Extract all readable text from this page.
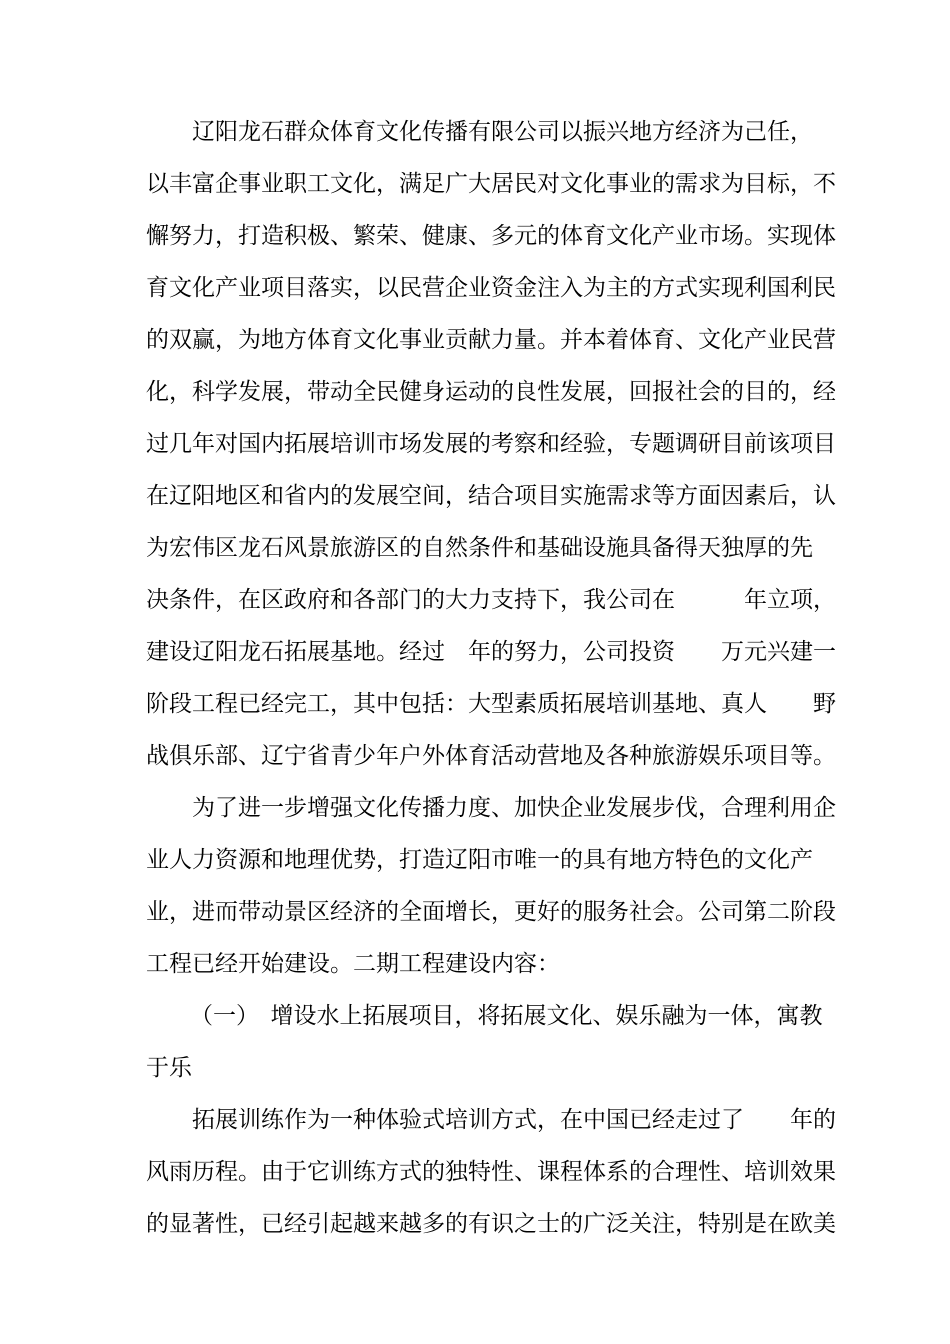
辽阳龙石群众体育文化传播有限公司以振兴地方经济为己任，
以丰富企事业职工文化，满足广大居民对文化事业的需求为目标，不
懈努力，打造积极、繁荣、健康、多元的体育文化产业市场。实现体
育文化产业项目落实，以民营企业资金注入为主的方式实现利国利民
的双赢，为地方体育文化事业贡献力量。并本着体育、文化产业民营
化，科学发展，带动全民健身运动的良性发展，回报社会的目的，经
过几年对国内拓展培训市场发展的考察和经验，专题调研目前该项目
在辽阳地区和省内的发展空间，结合项目实施需求等方面因素后，认
为宏伟区龙石风景旅游区的自然条件和基础设施具备得天独厚的先
决条件，在区政府和各部门的大力支持下，我公司在　　　年立项，
建设辽阳龙石拓展基地。经过　年的努力，公司投资　　万元兴建一
阶段工程已经完工，其中包括：大型素质拓展培训基地、真人　　野
战俱乐部、辽宁省青少年户外体育活动营地及各种旅游娱乐项目等。
为了进一步增强文化传播力度、加快企业发展步伐，合理利用企
业人力资源和地理优势，打造辽阳市唯一的具有地方特色的文化产
业，进而带动景区经济的全面增长，更好的服务社会。公司第二阶段
工程已经开始建设。二期工程建设内容：
（一）　增设水上拓展项目，将拓展文化、娱乐融为一体，寓教
于乐
拓展训练作为一种体验式培训方式，在中国已经走过了　　年的
风雨历程。由于它训练方式的独特性、课程体系的合理性、培训效果
的显著性，已经引起越来越多的有识之士的广泛关注，特别是在欧美
